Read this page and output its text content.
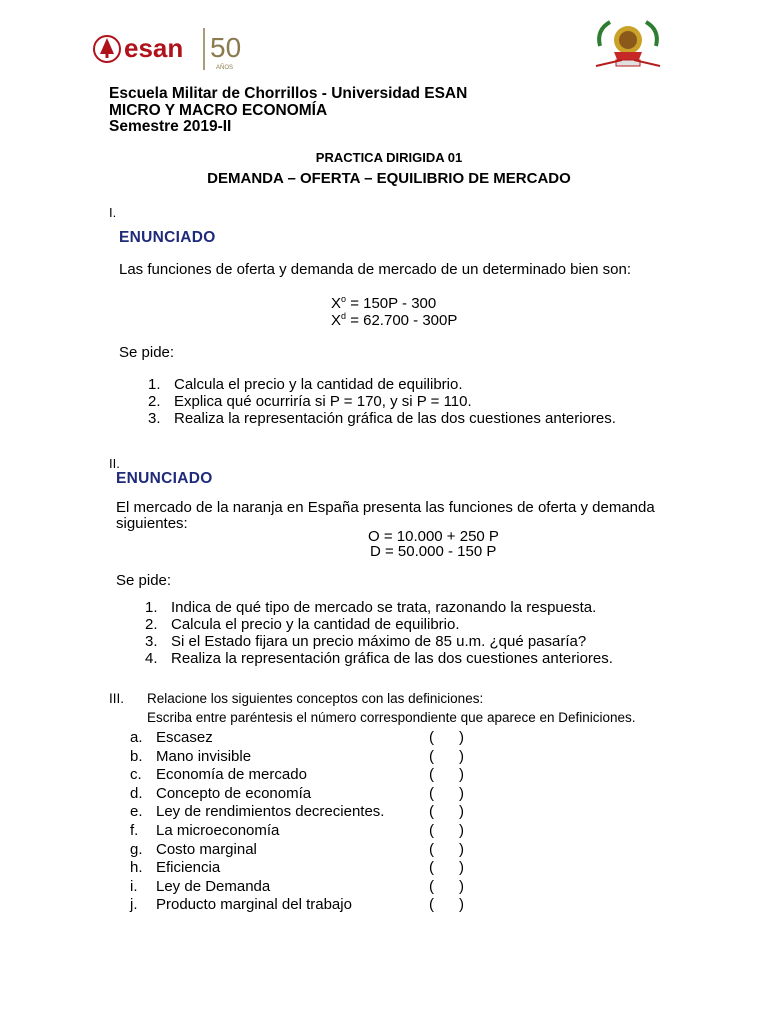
esan 50
AÑOS
Escuela Militar de Chorrillos - Universidad ESAN
MICRO Y MACRO ECONOMÍA
Semestre 2019-II
PRACTICA DIRIGIDA 01
DEMANDA – OFERTA – EQUILIBRIO DE MERCADO
I.
ENUNCIADO
Las funciones de oferta y demanda de mercado de un determinado bien son:
$X^o = 150P - 300$
$X^d = 62.700 - 300P$
Se pide:
1. Calcula el precio y la cantidad de equilibrio.
2. Explica qué ocurriría si P = 170, y si P = 110.
3. Realiza la representación gráfica de las dos cuestiones anteriores.
II.
ENUNCIADO
El mercado de la naranja en España presenta las funciones de oferta y demanda
siguientes:
O = 10.000 + 250 P
D = 50.000 - 150 P
Se pide:
1. Indica de qué tipo de mercado se trata, razonando la respuesta.
2. Calcula el precio y la cantidad de equilibrio.
3. Si el Estado fijara un precio máximo de 85 u.m. ¿qué pasaría?
4. Realiza la representación gráfica de las dos cuestiones anteriores.
III. Relacione los siguientes conceptos con las definiciones:
Escriba entre paréntesis el número correspondiente que aparece en Definiciones.
a. Escasez	(      )
b. Mano invisible	(      )
c. Economía de mercado	(      )
d. Concepto de economía	(      )
e. Ley de rendimientos decrecientes.	(      )
f. La microeconomía	(      )
g. Costo marginal	(      )
h. Eficiencia	(      )
i. Ley de Demanda	(      )
j. Producto marginal del trabajo	(      )
